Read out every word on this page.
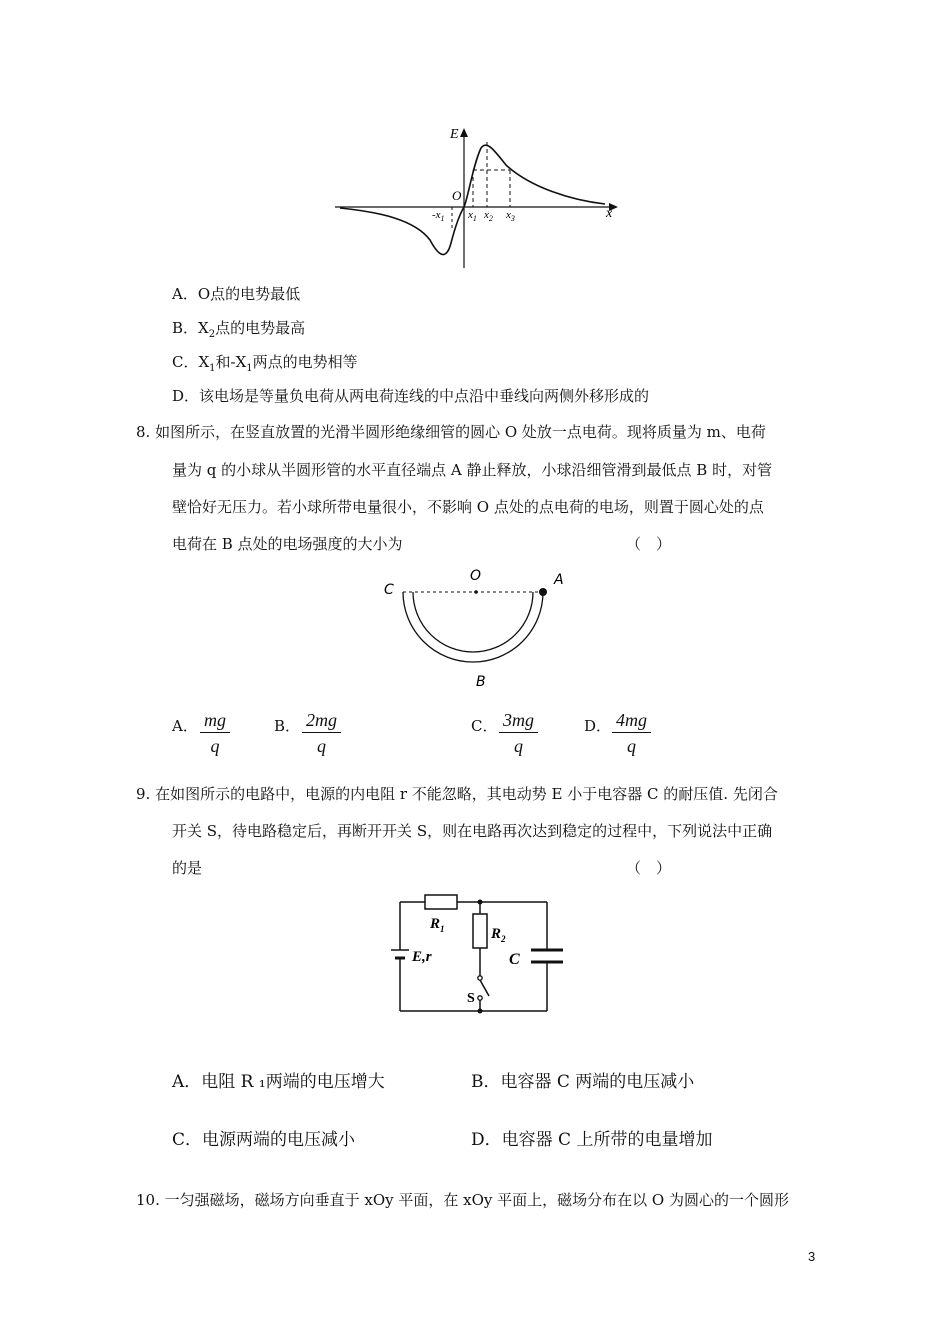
E
x
O
$-x_1$ $x_1$ $x_2$ $x_3$
A．O点的电势最低
B．$X_2$点的电势最高
C．$X_1$和$-X_1$两点的电势相等
D．该电场是等量负电荷从两电荷连线的中点沿中垂线向两侧外移形成的
8. 如图所示，在竖直放置的光滑半圆形绝缘细管的圆心 O 处放一点电荷。现将质量为 m、电荷
量为 q 的小球从半圆形管的水平直径端点 A 静止释放，小球沿细管滑到最低点 B 时，对管
壁恰好无压力。若小球所带电量很小，不影响 O 点处的点电荷的电场，则置于圆心处的点
电荷在 B 点处的电场强度的大小为	（　）
C
O	A
B
A． $\frac{mg}{q}$	B． $\frac{2mg}{q}$	C． $\frac{3mg}{q}$	D． $\frac{4mg}{q}$
9. 在如图所示的电路中，电源的内电阻 r 不能忽略，其电动势 E 小于电容器 C 的耐压值. 先闭合
开关 S，待电路稳定后，再断开开关 S，则在电路再次达到稳定的过程中，下列说法中正确
的是	（　）
$R_1$	$R_2$
E,r	C
S
A．电阻 R ₁两端的电压增大	B．电容器 C 两端的电压减小
C．电源两端的电压减小	D．电容器 C 上所带的电量增加
10. 一匀强磁场，磁场方向垂直于 xOy 平面，在 xOy 平面上，磁场分布在以 O 为圆心的一个圆形
3
